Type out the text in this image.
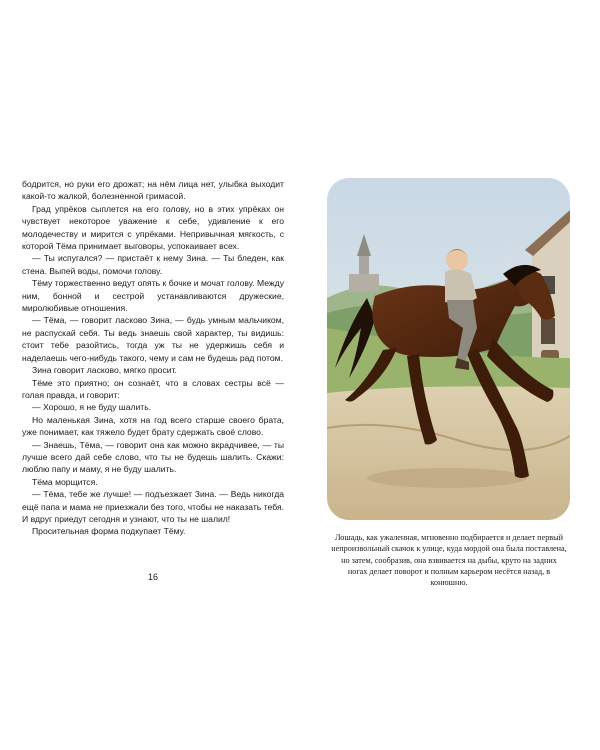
бодрится, но руки его дрожат; на нём лица нет, улыбка выходит какой-то жалкой, болезненной гримасой.

Град упрёков сыплется на его голову, но в этих упрёках он чувствует некоторое уважение к себе, удивление к его молодечеству и мирится с упрёками. Непривычная мягкость, с которой Тёма принимает выговоры, успокаивает всех.

— Ты испугался? — пристаёт к нему Зина. — Ты бледен, как стена. Выпей воды, помочи голову.

Тёму торжественно ведут опять к бочке и мочат голову. Между ним, бонной и сестрой устанавливаются дружеские, миролюбивые отношения.

— Тёма, — говорит ласково Зина, — будь умным мальчиком, не распускай себя. Ты ведь знаешь свой характер, ты видишь: стоит тебе разойтись, тогда уж ты не удержишь себя и наделаешь чего-нибудь такого, чему и сам не будешь рад потом.

Зина говорит ласково, мягко просит.

Тёме это приятно; он сознаёт, что в словах сестры всё — голая правда, и говорит:

— Хорошо, я не буду шалить.

Но маленькая Зина, хотя на год всего старше своего брата, уже понимает, как тяжело будет брату сдержать своё слово.

— Знаешь, Тёма, — говорит она как можно вкрадчивее, — ты лучше всего дай себе слово, что ты не будешь шалить. Скажи: люблю папу и маму, я не буду шалить.

Тёма морщится.

— Тёма, тебе же лучше! — подъезжает Зина. — Ведь никогда ещё папа и мама не приезжали без того, чтобы не наказать тебя. И вдруг приедут сегодня и узнают, что ты не шалил!

Просительная форма подкупает Тёму.

16
Лошадь, как ужаленная, мгновенно подбирается и делает первый непроизвольный скачок к улице, куда мордой она была поставлена, но затем, сообразив, она взвивается на дыбы, круто на задних ногах делает поворот и полным карьером несётся назад, в конюшню.
